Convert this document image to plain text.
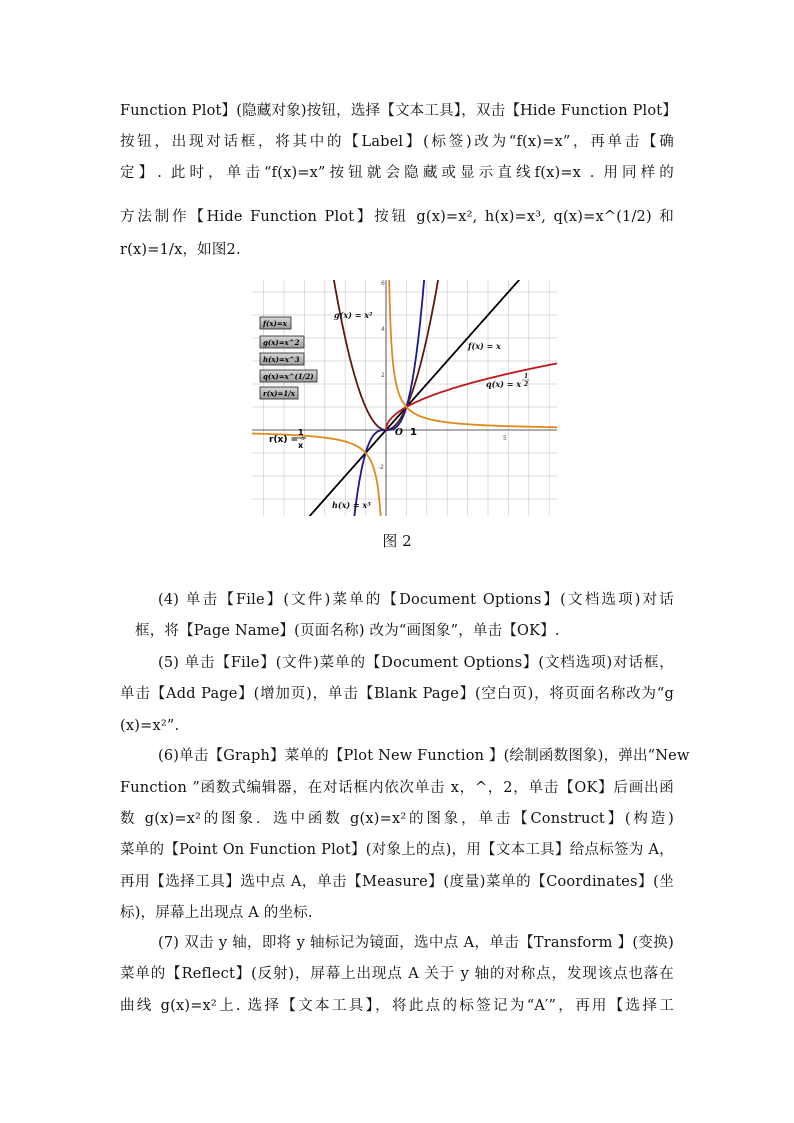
Function Plot】(隐藏对象)按钮，选择【文本工具】，双击【Hide Function Plot】
按钮，出现对话框，将其中的【Label】(标签)改为“f(x)=x”，再单击【确
定】. 此时，单击“f(x)=x”按钮就会隐藏或显示直线f(x)=x . 用同样的
方法制作【Hide Function Plot】按钮 g(x)=x², h(x)=x³, q(x)=x^(1/2) 和
r(x)=1/x，如图2.
-5	5
6
4
2
-2
f(x)=x
g(x)=x^2
h(x)=x^3
q(x)=x^(1/2)
r(x)=1/x
g(x) = x²
f(x) = x
q(x) = x
1
2
h(x) = x³
r(x) =
1
x
O 1
图 2
(4) 单击【File】(文件)菜单的【Document Options】(文档选项)对话
框，将【Page Name】(页面名称) 改为“画图象”，单击【OK】.
(5) 单击【File】(文件)菜单的【Document Options】(文档选项)对话框，
单击【Add Page】(增加页)，单击【Blank Page】(空白页)，将页面名称改为“g
(x)=x²”.
(6)单击【Graph】菜单的【Plot New Function 】(绘制函数图象)，弹出“New
Function ”函数式编辑器，在对话框内依次单击 x，^，2，单击【OK】后画出函
数 g(x)=x²的图象．选中函数 g(x)=x²的图象，单击【Construct】(构造)
菜单的【Point On Function Plot】(对象上的点)，用【文本工具】给点标签为 A，
再用【选择工具】选中点 A，单击【Measure】(度量)菜单的【Coordinates】(坐
标)，屏幕上出现点 A 的坐标.
(7) 双击 y 轴，即将 y 轴标记为镜面，选中点 A，单击【Transform 】(变换)
菜单的【Reflect】(反射)，屏幕上出现点 A 关于 y 轴的对称点，发现该点也落在
曲线 g(x)=x²上. 选择【文本工具】，将此点的标签记为“A′”，再用【选择工
